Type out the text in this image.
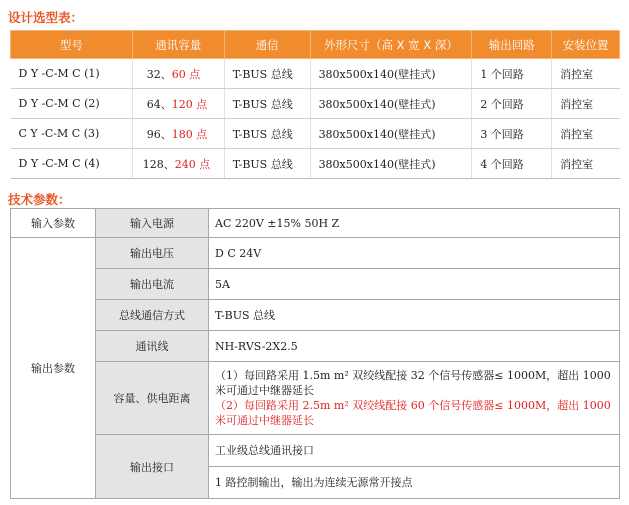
设计选型表：
型号	通讯容量	通信	外形尺寸（高 X 宽 X 深）	输出回路	安装位置
D Y -C-M C (1)	32、60 点	T-BUS 总线	380x500x140(壁挂式)	1 个回路	消控室
D Y -C-M C (2)	64、120 点	T-BUS 总线	380x500x140(壁挂式)	2 个回路	消控室
C Y -C-M C (3)	96、180 点	T-BUS 总线	380x500x140(壁挂式)	3 个回路	消控室
D Y -C-M C (4)	128、240 点	T-BUS 总线	380x500x140(壁挂式)	4 个回路	消控室
技术参数：
输入参数	输入电源	AC 220V ±15% 50H Z
输出参数	输出电压	D C 24V
	输出电流	5A
	总线通信方式	T-BUS 总线
	通讯线	NH-RVS-2X2.5
	容量、供电距离	（1）每回路采用 1.5m m² 双绞线配接 32 个信号传感器≤ 1000M，超出 1000 米可通过中继器延长
（2）每回路采用 2.5m m² 双绞线配接 60 个信号传感器≤ 1000M，超出 1000 米可通过中继器延长

	输出接口	工业级总线通讯接口
		1 路控制输出，输出为连续无源常开接点
